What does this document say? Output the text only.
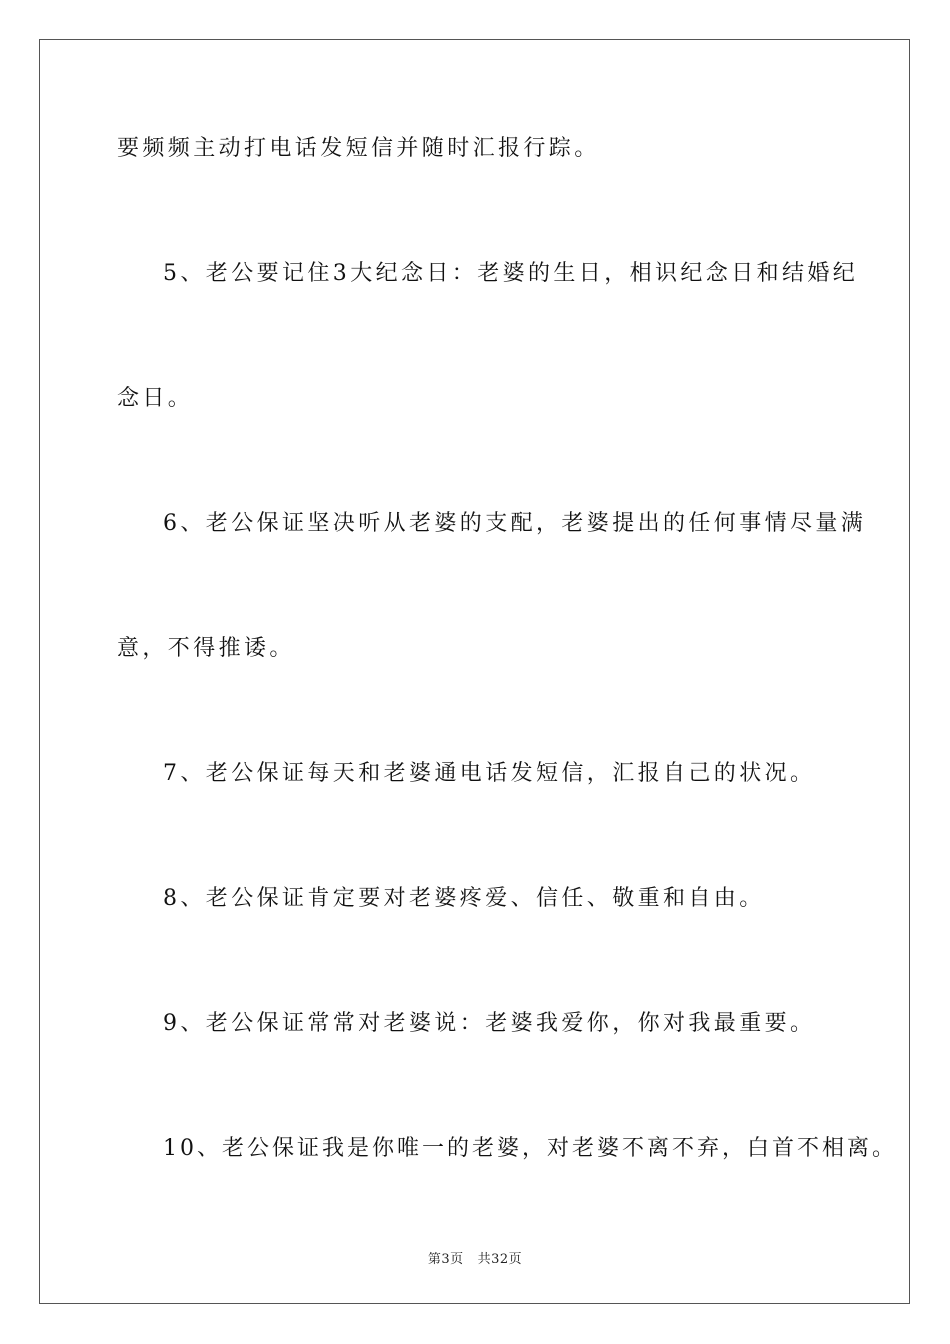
要频频主动打电话发短信并随时汇报行踪。
5、老公要记住3大纪念日：老婆的生日，相识纪念日和结婚纪
念日。
6、老公保证坚决听从老婆的支配，老婆提出的任何事情尽量满
意，不得推诿。
7、老公保证每天和老婆通电话发短信，汇报自己的状况。
8、老公保证肯定要对老婆疼爱、信任、敬重和自由。
9、老公保证常常对老婆说：老婆我爱你，你对我最重要。
10、老公保证我是你唯一的老婆，对老婆不离不弃，白首不相离。
第3页 共32页
